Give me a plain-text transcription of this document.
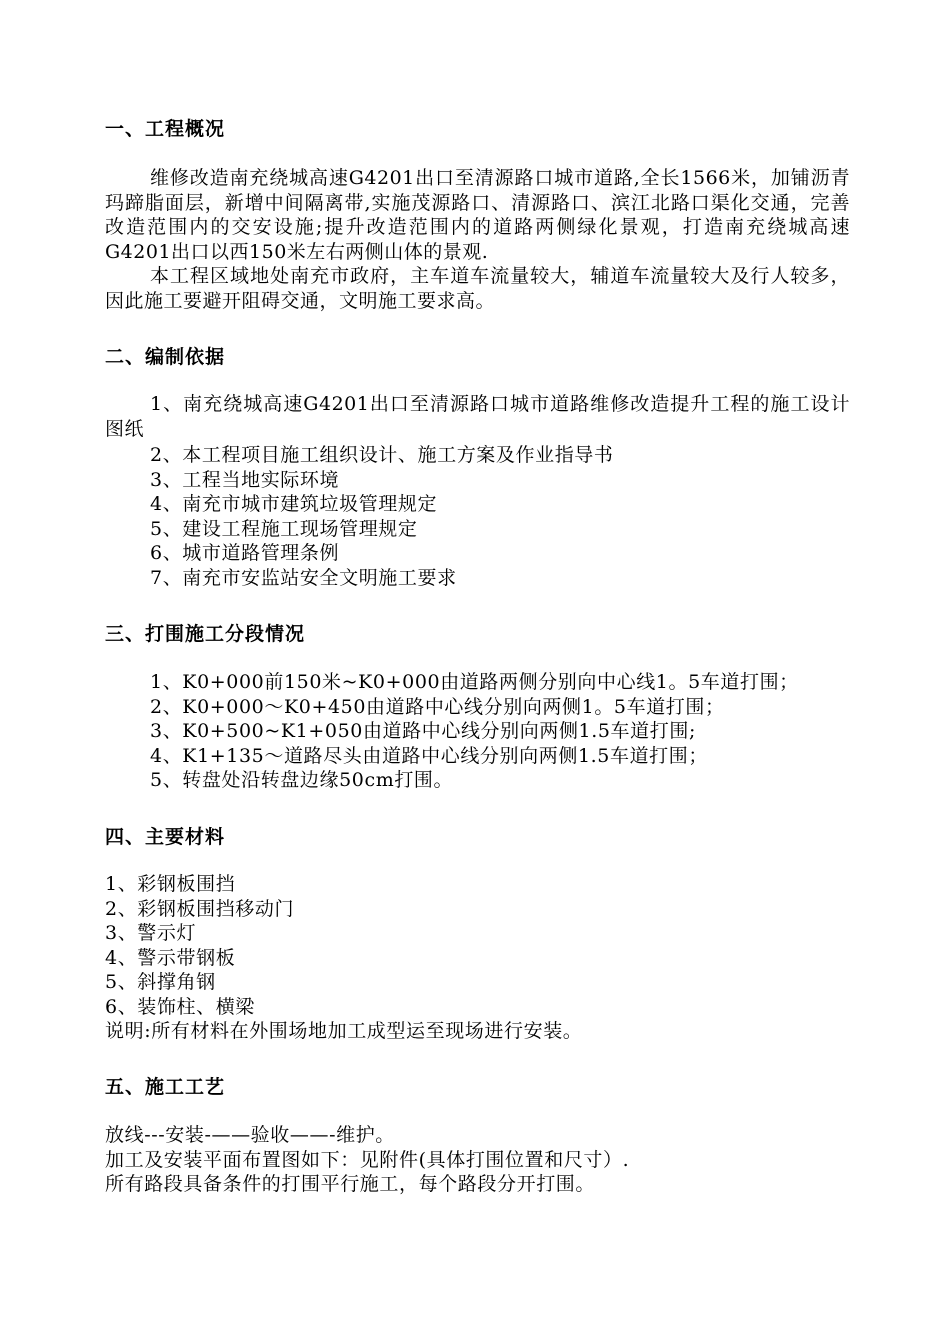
一、工程概况
维修改造南充绕城高速G4201出口至清源路口城市道路,全长1566米，加铺沥青玛蹄脂面层，新增中间隔离带,实施茂源路口、清源路口、滨江北路口渠化交通，完善改造范围内的交安设施;提升改造范围内的道路两侧绿化景观，打造南充绕城高速G4201出口以西150米左右两侧山体的景观.
本工程区域地处南充市政府，主车道车流量较大，辅道车流量较大及行人较多，因此施工要避开阻碍交通，文明施工要求高。
二、编制依据
1、南充绕城高速G4201出口至清源路口城市道路维修改造提升工程的施工设计图纸
2、本工程项目施工组织设计、施工方案及作业指导书
3、工程当地实际环境
4、南充市城市建筑垃圾管理规定
5、建设工程施工现场管理规定
6、城市道路管理条例
7、南充市安监站安全文明施工要求
三、打围施工分段情况
1、K0+000前150米~K0+000由道路两侧分别向中心线1。5车道打围；
2、K0+000～K0+450由道路中心线分别向两侧1。5车道打围；
3、K0+500~K1+050由道路中心线分别向两侧1.5车道打围;
4、K1+135～道路尽头由道路中心线分别向两侧1.5车道打围；
5、转盘处沿转盘边缘50cm打围。
四、主要材料
1、彩钢板围挡
2、彩钢板围挡移动门
3、警示灯
4、警示带钢板
5、斜撑角钢
6、装饰柱、横梁
说明:所有材料在外围场地加工成型运至现场进行安装。
五、施工工艺
放线---安装-——验收——-维护。
加工及安装平面布置图如下：见附件(具体打围位置和尺寸）.
所有路段具备条件的打围平行施工，每个路段分开打围。
